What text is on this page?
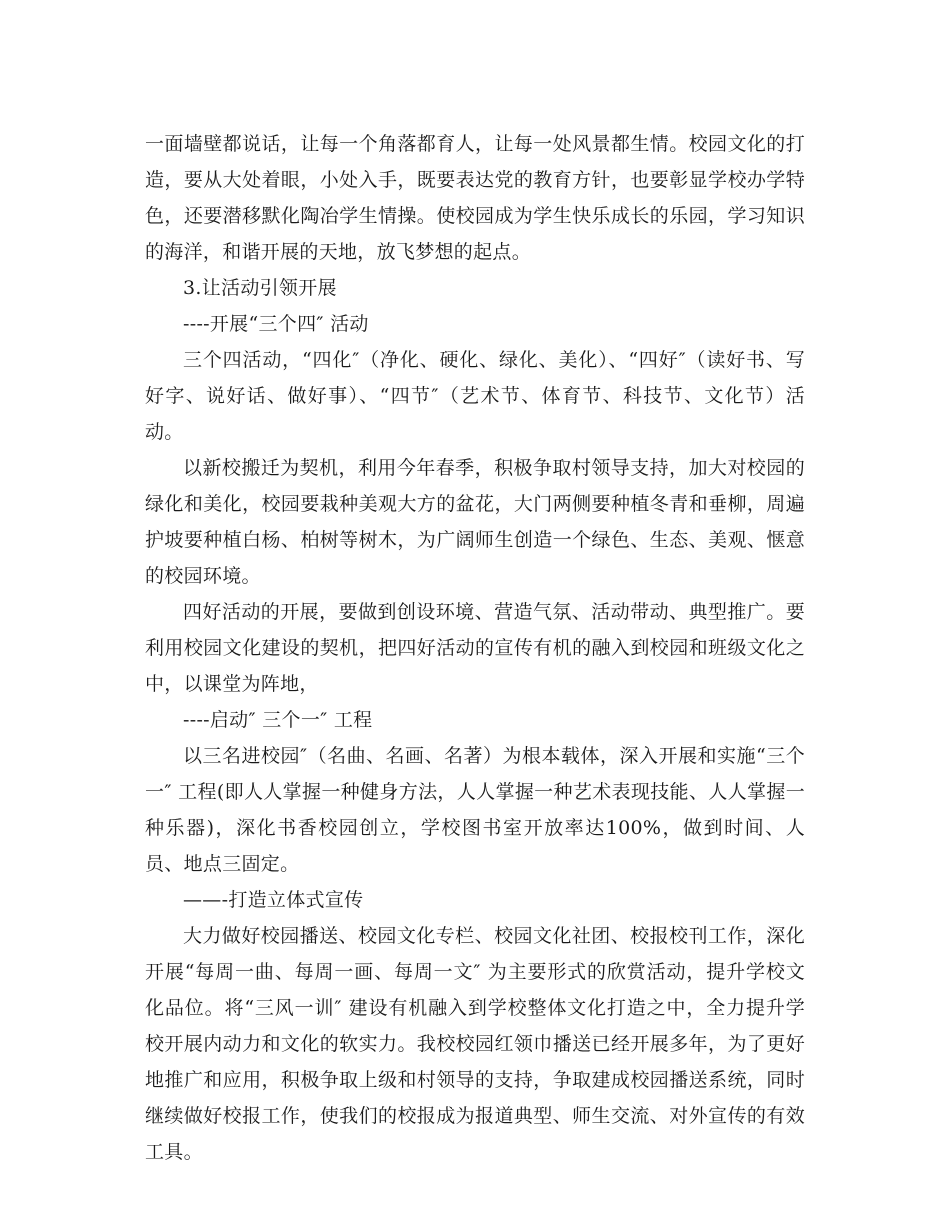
一面墙壁都说话，让每一个角落都育人，让每一处风景都生情。校园文化的打造，要从大处着眼，小处入手，既要表达党的教育方针，也要彰显学校办学特色，还要潜移默化陶冶学生情操。使校园成为学生快乐成长的乐园，学习知识的海洋，和谐开展的天地，放飞梦想的起点。

3.让活动引领开展

----开展“三个四″ 活动

三个四活动，“四化″（净化、硬化、绿化、美化）、“四好″（读好书、写好字、说好话、做好事）、“四节″（艺术节、体育节、科技节、文化节）活动。

以新校搬迁为契机，利用今年春季，积极争取村领导支持，加大对校园的绿化和美化，校园要栽种美观大方的盆花，大门两侧要种植冬青和垂柳，周遍护坡要种植白杨、柏树等树木，为广阔师生创造一个绿色、生态、美观、惬意的校园环境。

四好活动的开展，要做到创设环境、营造气氛、活动带动、典型推广。要利用校园文化建设的契机，把四好活动的宣传有机的融入到校园和班级文化之中，以课堂为阵地，

----启动″ 三个一″ 工程

以三名进校园″（名曲、名画、名著）为根本载体，深入开展和实施“三个一″ 工程(即人人掌握一种健身方法，人人掌握一种艺术表现技能、人人掌握一种乐器)，深化书香校园创立，学校图书室开放率达100%，做到时间、人员、地点三固定。

——-打造立体式宣传

大力做好校园播送、校园文化专栏、校园文化社团、校报校刊工作，深化开展“每周一曲、每周一画、每周一文″ 为主要形式的欣赏活动，提升学校文化品位。将“三风一训″ 建设有机融入到学校整体文化打造之中，全力提升学校开展内动力和文化的软实力。我校校园红领巾播送已经开展多年，为了更好地推广和应用，积极争取上级和村领导的支持，争取建成校园播送系统，同时继续做好校报工作，使我们的校报成为报道典型、师生交流、对外宣传的有效工具。
